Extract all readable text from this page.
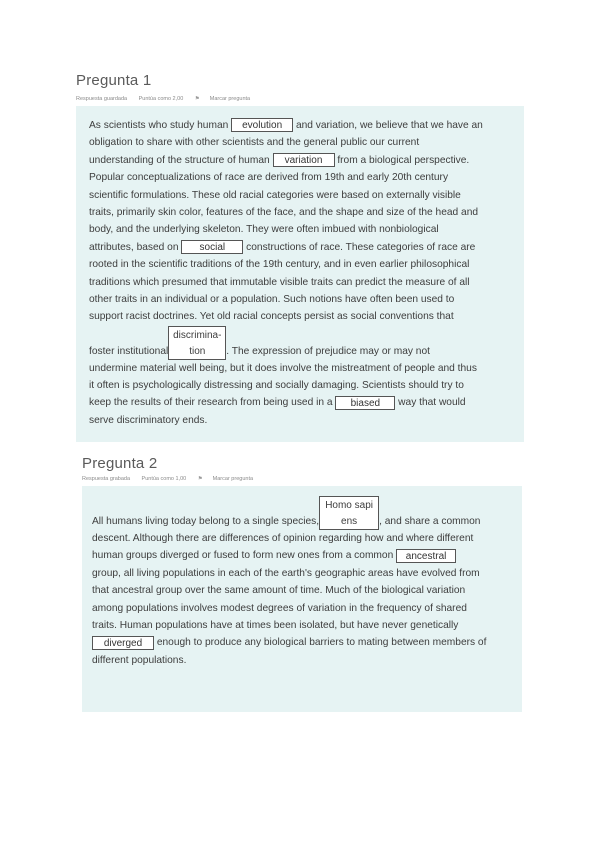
Pregunta 1
Respuesta guardada Puntúa como 2,00 ⚑ Marcar pregunta
As scientists who study human evolution and variation, we believe that we have an
obligation to share with other scientists and the general public our current
understanding of the structure of human variation from a biological perspective.
Popular conceptualizations of race are derived from 19th and early 20th century
scientific formulations. These old racial categories were based on externally visible
traits, primarily skin color, features of the face, and the shape and size of the head and
body, and the underlying skeleton. They were often imbued with nonbiological
attributes, based on social constructions of race. These categories of race are
rooted in the scientific traditions of the 19th century, and in even earlier philosophical
traditions which presumed that immutable visible traits can predict the measure of all
other traits in an individual or a population. Such notions have often been used to
support racist doctrines. Yet old racial concepts persist as social conventions that
foster institutional
discrimina-
tion	. The expression of prejudice may or may not
undermine material well being, but it does involve the mistreatment of people and thus
it often is psychologically distressing and socially damaging. Scientists should try to
keep the results of their research from being used in a biased way that would
serve discriminatory ends.
Pregunta 2
Respuesta grabada Puntúa como 1,00 ⚑ Marcar pregunta
All humans living today belong to a single species,
Homo sapi
ens	, and share a common
descent. Although there are differences of opinion regarding how and where different
human groups diverged or fused to form new ones from a common ancestral
group, all living populations in each of the earth's geographic areas have evolved from
that ancestral group over the same amount of time. Much of the biological variation
among populations involves modest degrees of variation in the frequency of shared
traits. Human populations have at times been isolated, but have never genetically
diverged enough to produce any biological barriers to mating between members of
different populations.
